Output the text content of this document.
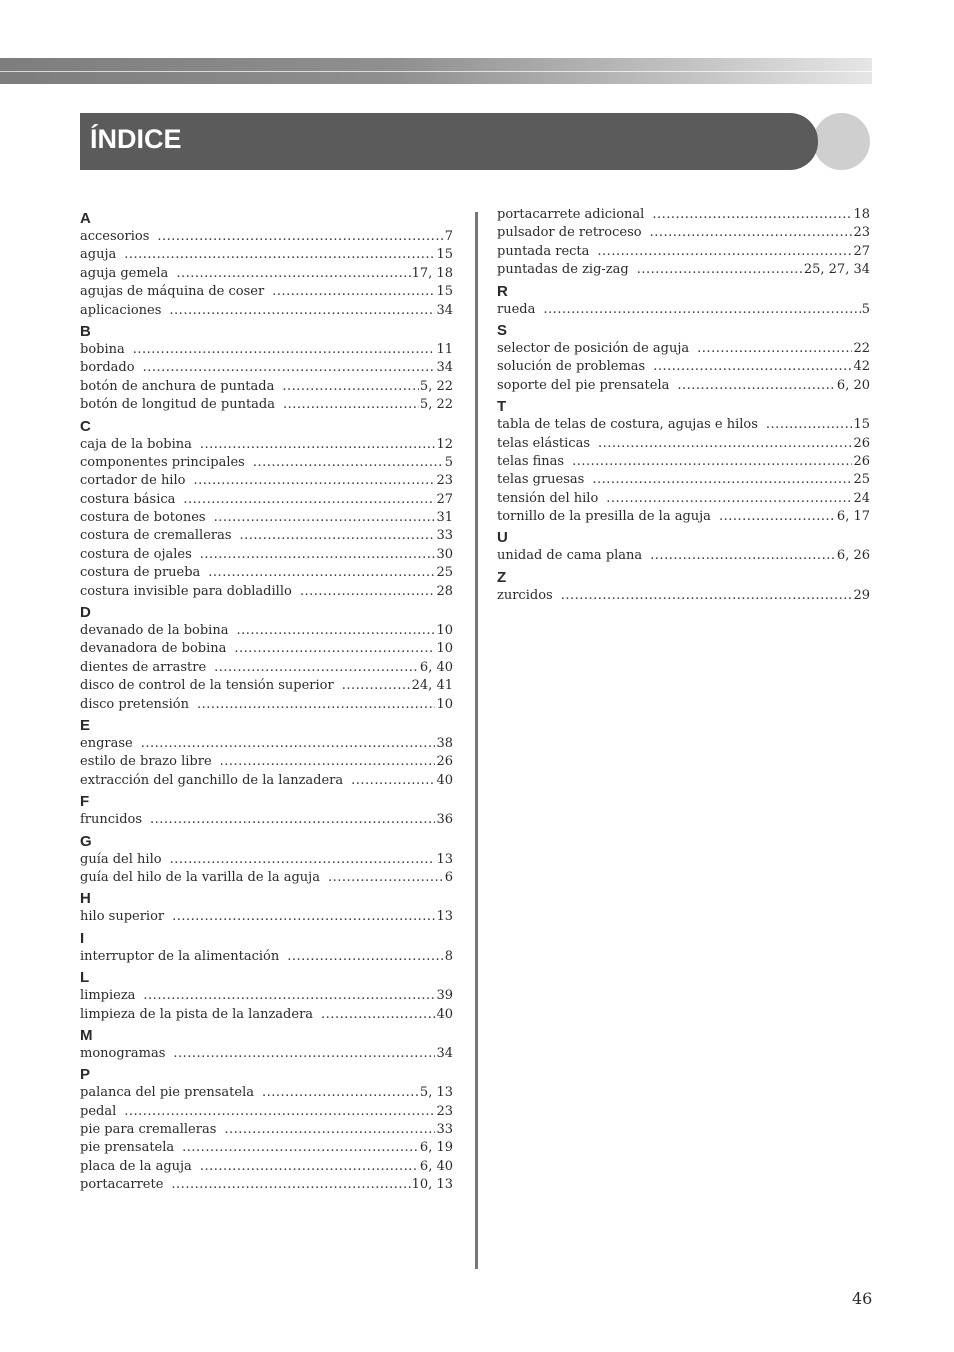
ÍNDICE
A
accesorios .....	7
aguja .....	15
aguja gemela .....	17, 18
agujas de máquina de coser .....	15
aplicaciones .....	34
B
bobina .....	11
bordado .....	34
botón de anchura de puntada .....	5, 22
botón de longitud de puntada .....	5, 22
C
caja de la bobina .....	12
componentes principales .....	5
cortador de hilo .....	23
costura básica .....	27
costura de botones .....	31
costura de cremalleras .....	33
costura de ojales .....	30
costura de prueba .....	25
costura invisible para dobladillo .....	28
D
devanado de la bobina .....	10
devanadora de bobina .....	10
dientes de arrastre .....	6, 40
disco de control de la tensión superior .....	24, 41
disco pretensión .....	10
E
engrase .....	38
estilo de brazo libre .....	26
extracción del ganchillo de la lanzadera .....	40
F
fruncidos .....	36
G
guía del hilo .....	13
guía del hilo de la varilla de la aguja .....	6
H
hilo superior .....	13
I
interruptor de la alimentación .....	8
L
limpieza .....	39
limpieza de la pista de la lanzadera .....	40
M
monogramas .....	34
P
palanca del pie prensatela .....	5, 13
pedal .....	23
pie para cremalleras .....	33
pie prensatela .....	6, 19
placa de la aguja .....	6, 40
portacarrete .....	10, 13
portacarrete adicional .....	18
pulsador de retroceso .....	23
puntada recta .....	27
puntadas de zig-zag .....	25, 27, 34
R
rueda .....	5
S
selector de posición de aguja .....	22
solución de problemas .....	42
soporte del pie prensatela .....	6, 20
T
tabla de telas de costura, agujas e hilos .....	15
telas elásticas .....	26
telas finas .....	26
telas gruesas .....	25
tensión del hilo .....	24
tornillo de la presilla de la aguja .....	6, 17
U
unidad de cama plana .....	6, 26
Z
zurcidos .....	29
46
